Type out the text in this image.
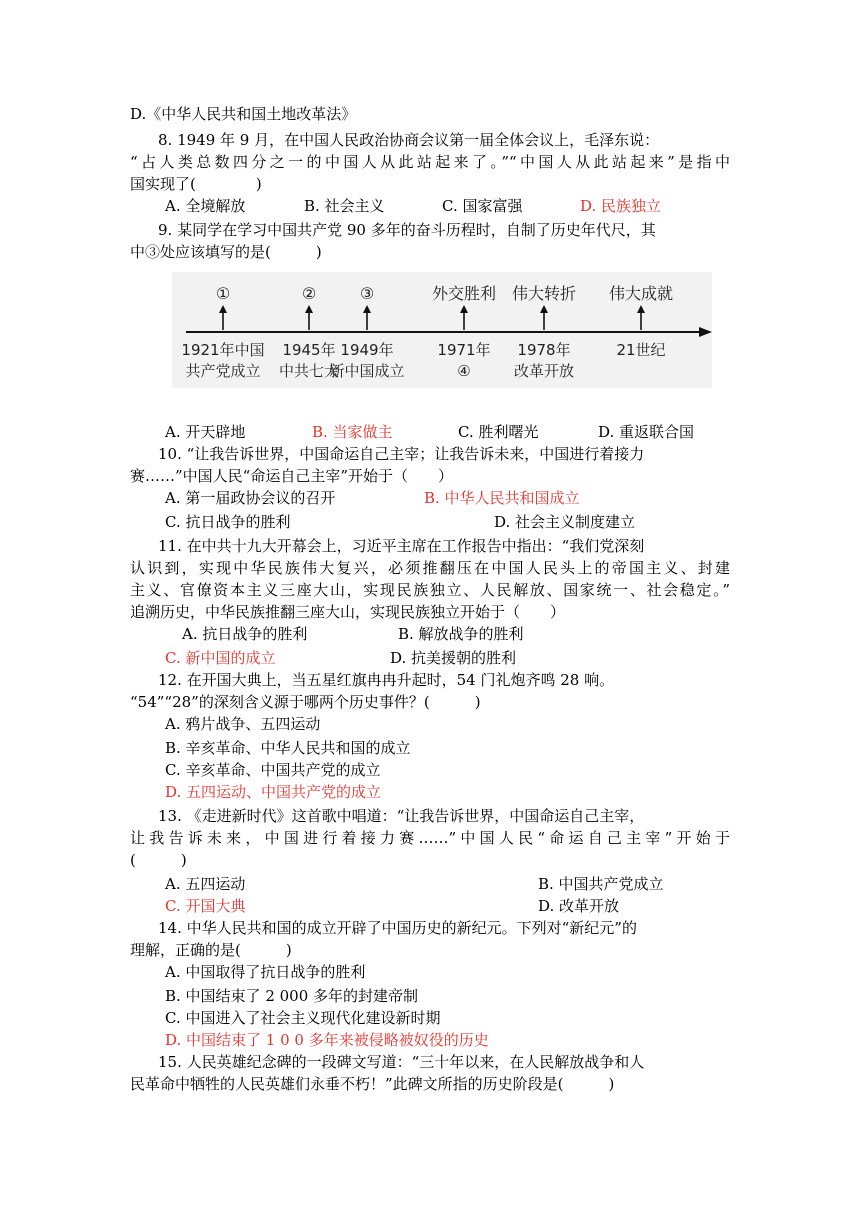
D.《中华人民共和国土地改革法》
8. 1949 年 9 月，在中国人民政治协商会议第一届全体会议上，毛泽东说：
“占人类总数四分之一的中国人从此站起来了。”“中国人从此站起来”是指中
国实现了(　　　　)
A. 全境解放	B. 社会主义	C. 国家富强	D. 民族独立
9. 某同学在学习中国共产党 90 多年的奋斗历程时，自制了历史年代尺，其
中③处应该填写的是(　　　)
①
1921年中国
共产党成立
②
1945年
中共七大
③
1949年
新中国成立
外交胜利
1971年
④
伟大转折
1978年
改革开放
伟大成就
21世纪
A. 开天辟地	B. 当家做主	C. 胜利曙光	D. 重返联合国
10. “让我告诉世界，中国命运自己主宰；让我告诉未来，中国进行着接力
赛……”中国人民“命运自己主宰”开始于（　　）
A. 第一届政协会议的召开	B. 中华人民共和国成立
C. 抗日战争的胜利	D. 社会主义制度建立
11. 在中共十九大开幕会上，习近平主席在工作报告中指出：“我们党深刻
认识到，实现中华民族伟大复兴，必须推翻压在中国人民头上的帝国主义、封建
主义、官僚资本主义三座大山，实现民族独立、人民解放、国家统一、社会稳定。”
追溯历史，中华民族推翻三座大山，实现民族独立开始于（　　）
A. 抗日战争的胜利	B. 解放战争的胜利
C. 新中国的成立	D. 抗美援朝的胜利
12. 在开国大典上，当五星红旗冉冉升起时，54 门礼炮齐鸣 28 响。
“54”“28”的深刻含义源于哪两个历史事件？(　　　)
A. 鸦片战争、五四运动
B. 辛亥革命、中华人民共和国的成立
C. 辛亥革命、中国共产党的成立
D. 五四运动、中国共产党的成立
13. 《走进新时代》这首歌中唱道：“让我告诉世界，中国命运自己主宰，
让我告诉未来，中国进行着接力赛……”中国人民“命运自己主宰”开始于
(　　　)
A. 五四运动	B. 中国共产党成立
C. 开国大典	D. 改革开放
14. 中华人民共和国的成立开辟了中国历史的新纪元。下列对“新纪元”的
理解，正确的是(　　　)
A. 中国取得了抗日战争的胜利
B. 中国结束了 2 000 多年的封建帝制
C. 中国进入了社会主义现代化建设新时期
D. 中国结束了 1 0 0 多年来被侵略被奴役的历史
15. 人民英雄纪念碑的一段碑文写道：“三十年以来，在人民解放战争和人
民革命中牺牲的人民英雄们永垂不朽！”此碑文所指的历史阶段是(　　　)
